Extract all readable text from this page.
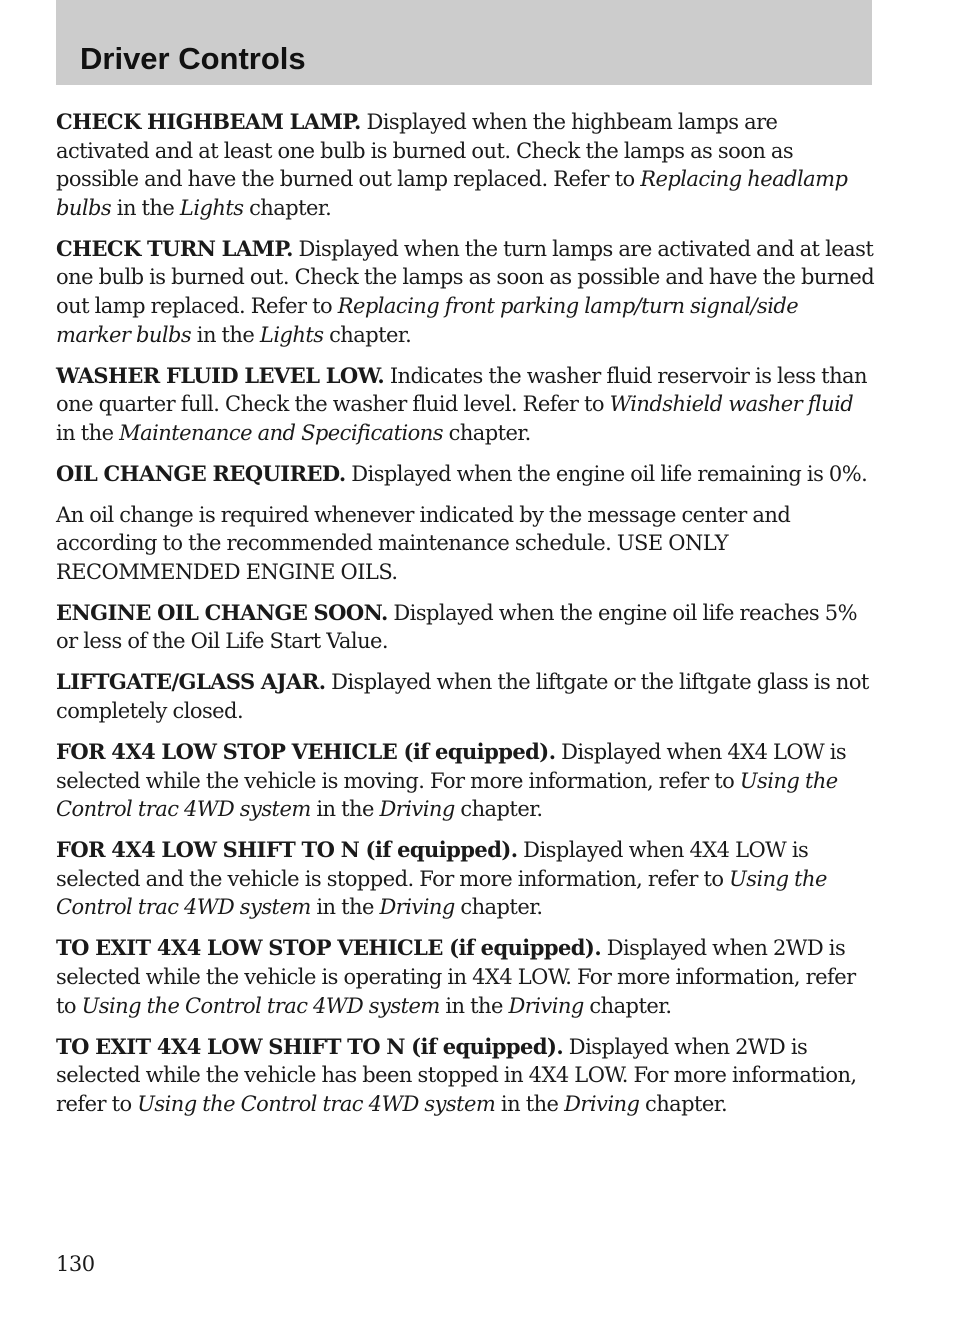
Driver Controls

CHECK HIGHBEAM LAMP. Displayed when the highbeam lamps are activated and at least one bulb is burned out. Check the lamps as soon as possible and have the burned out lamp replaced. Refer to Replacing headlamp bulbs in the Lights chapter.

CHECK TURN LAMP. Displayed when the turn lamps are activated and at least one bulb is burned out. Check the lamps as soon as possible and have the burned out lamp replaced. Refer to Replacing front parking lamp/turn signal/side marker bulbs in the Lights chapter.

WASHER FLUID LEVEL LOW. Indicates the washer fluid reservoir is less than one quarter full. Check the washer fluid level. Refer to Windshield washer fluid in the Maintenance and Specifications chapter.

OIL CHANGE REQUIRED. Displayed when the engine oil life remaining is 0%.

An oil change is required whenever indicated by the message center and according to the recommended maintenance schedule. USE ONLY RECOMMENDED ENGINE OILS.

ENGINE OIL CHANGE SOON. Displayed when the engine oil life reaches 5% or less of the Oil Life Start Value.

LIFTGATE/GLASS AJAR. Displayed when the liftgate or the liftgate glass is not completely closed.

FOR 4X4 LOW STOP VEHICLE (if equipped). Displayed when 4X4 LOW is selected while the vehicle is moving. For more information, refer to Using the Control trac 4WD system in the Driving chapter.

FOR 4X4 LOW SHIFT TO N (if equipped). Displayed when 4X4 LOW is selected and the vehicle is stopped. For more information, refer to Using the Control trac 4WD system in the Driving chapter.

TO EXIT 4X4 LOW STOP VEHICLE (if equipped). Displayed when 2WD is selected while the vehicle is operating in 4X4 LOW. For more information, refer to Using the Control trac 4WD system in the Driving chapter.

TO EXIT 4X4 LOW SHIFT TO N (if equipped). Displayed when 2WD is selected while the vehicle has been stopped in 4X4 LOW. For more information, refer to Using the Control trac 4WD system in the Driving chapter.

130
